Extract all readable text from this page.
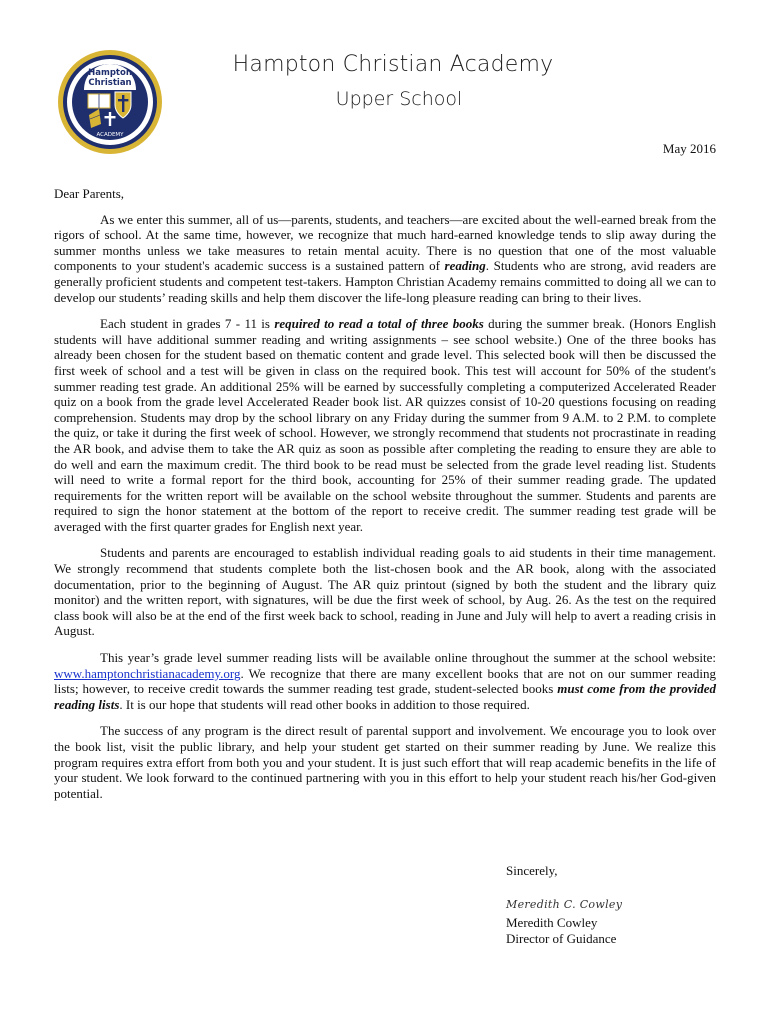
Hampton
Christian
ACADEMY
Hampton Christian Academy
Upper School
May 2016

Dear Parents,

As we enter this summer, all of us—parents, students, and teachers—are excited about the well-earned break from the rigors of school. At the same time, however, we recognize that much hard-earned knowledge tends to slip away during the summer months unless we take measures to retain mental acuity. There is no question that one of the most valuable components to your student's academic success is a sustained pattern of reading. Students who are strong, avid readers are generally proficient students and competent test-takers. Hampton Christian Academy remains committed to doing all we can to develop our students’ reading skills and help them discover the life-long pleasure reading can bring to their lives.

Each student in grades 7 - 11 is required to read a total of three books during the summer break. (Honors English students will have additional summer reading and writing assignments – see school website.) One of the three books has already been chosen for the student based on thematic content and grade level. This selected book will then be discussed the first week of school and a test will be given in class on the required book. This test will account for 50% of the student's summer reading test grade. An additional 25% will be earned by successfully completing a computerized Accelerated Reader quiz on a book from the grade level Accelerated Reader book list. AR quizzes consist of 10-20 questions focusing on reading comprehension. Students may drop by the school library on any Friday during the summer from 9 A.M. to 2 P.M. to complete the quiz, or take it during the first week of school. However, we strongly recommend that students not procrastinate in reading the AR book, and advise them to take the AR quiz as soon as possible after completing the reading to ensure they are able to do well and earn the maximum credit. The third book to be read must be selected from the grade level reading list. Students will need to write a formal report for the third book, accounting for 25% of their summer reading grade. The updated requirements for the written report will be available on the school website throughout the summer. Students and parents are required to sign the honor statement at the bottom of the report to receive credit. The summer reading test grade will be averaged with the first quarter grades for English next year.

Students and parents are encouraged to establish individual reading goals to aid students in their time management. We strongly recommend that students complete both the list-chosen book and the AR book, along with the associated documentation, prior to the beginning of August. The AR quiz printout (signed by both the student and the library quiz monitor) and the written report, with signatures, will be due the first week of school, by Aug. 26. As the test on the required class book will also be at the end of the first week back to school, reading in June and July will help to avert a reading crisis in August.

This year’s grade level summer reading lists will be available online throughout the summer at the school website: www.hamptonchristianacademy.org. We recognize that there are many excellent books that are not on our summer reading lists; however, to receive credit towards the summer reading test grade, student-selected books must come from the provided reading lists. It is our hope that students will read other books in addition to those required.

The success of any program is the direct result of parental support and involvement. We encourage you to look over the book list, visit the public library, and help your student get started on their summer reading by June. We realize this program requires extra effort from both you and your student. It is just such effort that will reap academic benefits in the life of your student. We look forward to the continued partnering with you in this effort to help your student reach his/her God-given potential.

Sincerely,
Meredith C. Cowley
Meredith Cowley
Director of Guidance
